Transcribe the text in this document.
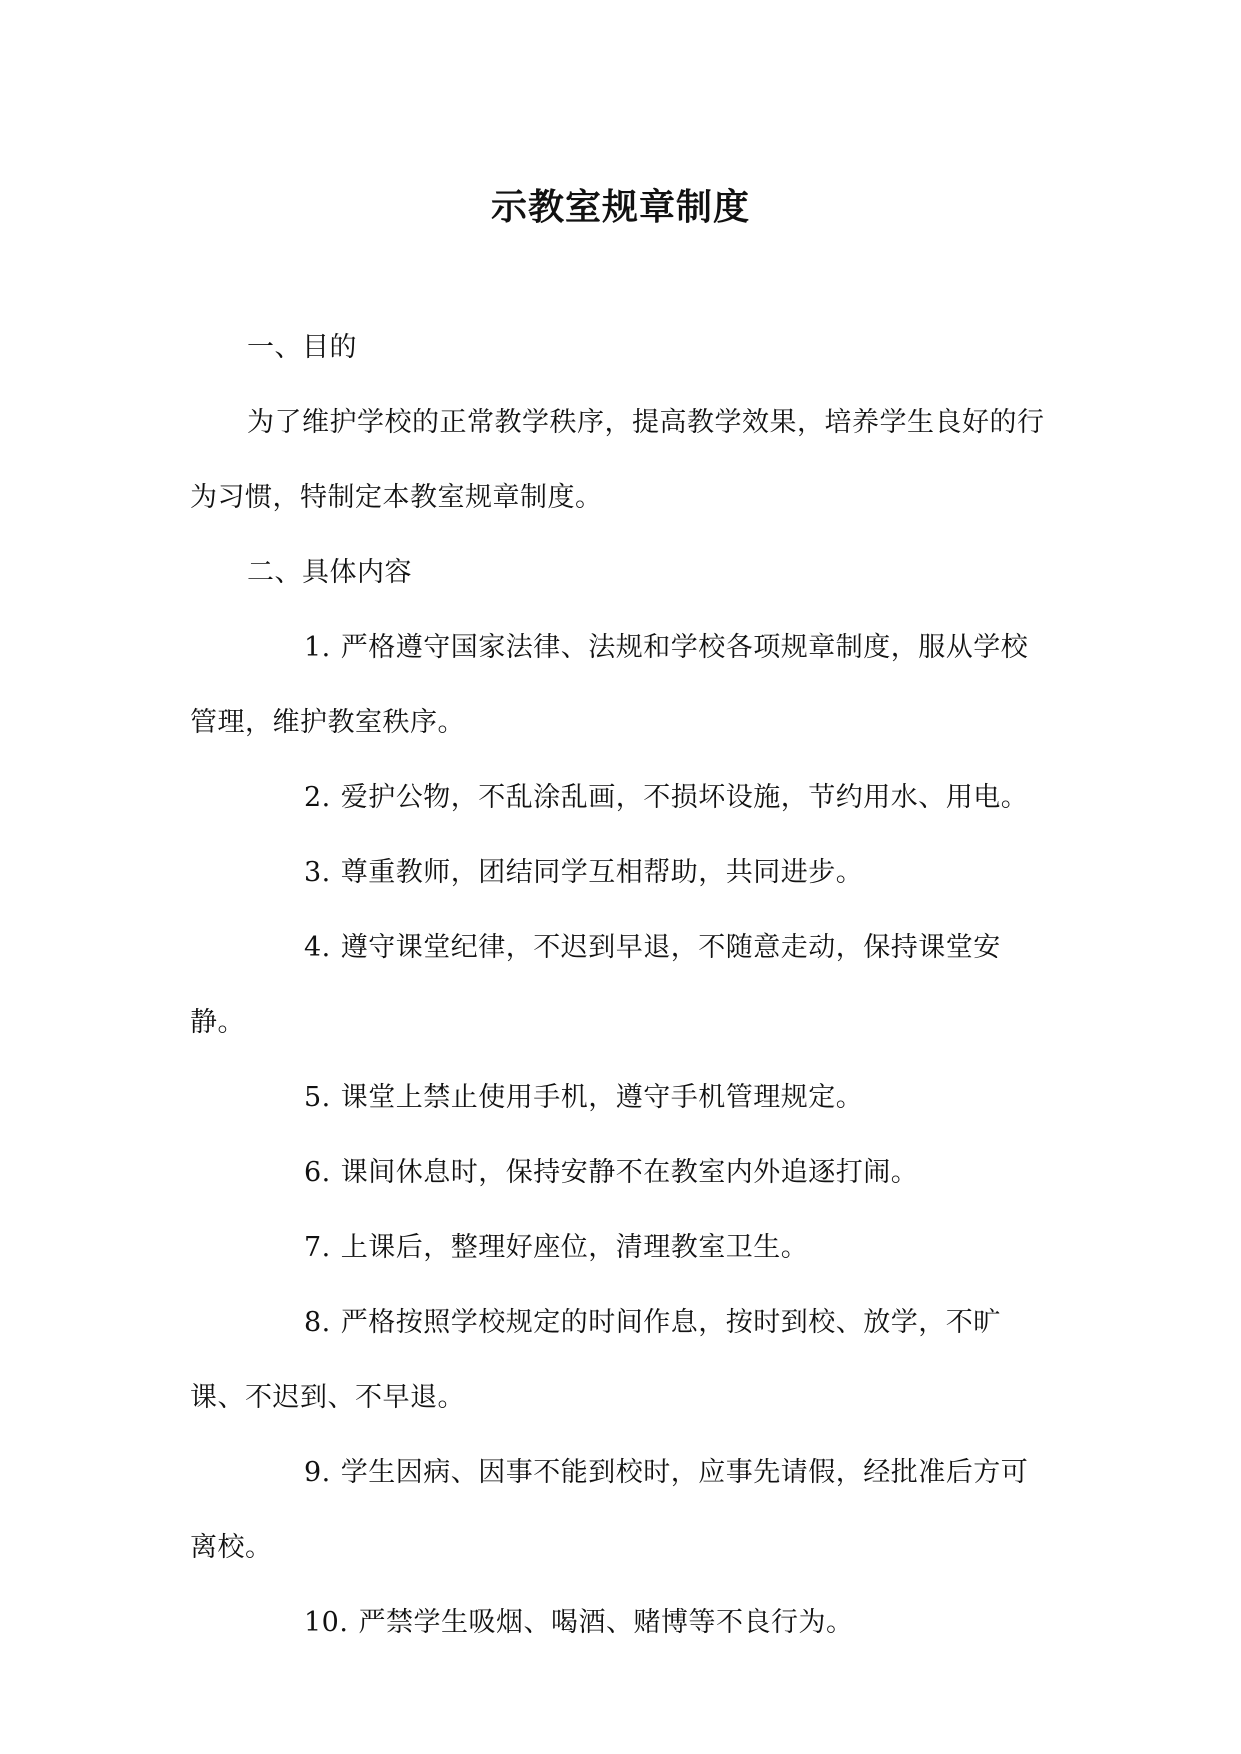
示教室规章制度

一、目的

为了维护学校的正常教学秩序，提高教学效果，培养学生良好的行为习惯，特制定本教室规章制度。

二、具体内容

1. 严格遵守国家法律、法规和学校各项规章制度，服从学校管理，维护教室秩序。

2. 爱护公物，不乱涂乱画，不损坏设施，节约用水、用电。

3. 尊重教师，团结同学互相帮助，共同进步。

4. 遵守课堂纪律，不迟到早退，不随意走动，保持课堂安静。

5. 课堂上禁止使用手机，遵守手机管理规定。

6. 课间休息时，保持安静不在教室内外追逐打闹。

7. 上课后，整理好座位，清理教室卫生。

8. 严格按照学校规定的时间作息，按时到校、放学，不旷课、不迟到、不早退。

9. 学生因病、因事不能到校时，应事先请假，经批准后方可离校。

10. 严禁学生吸烟、喝酒、赌博等不良行为。
